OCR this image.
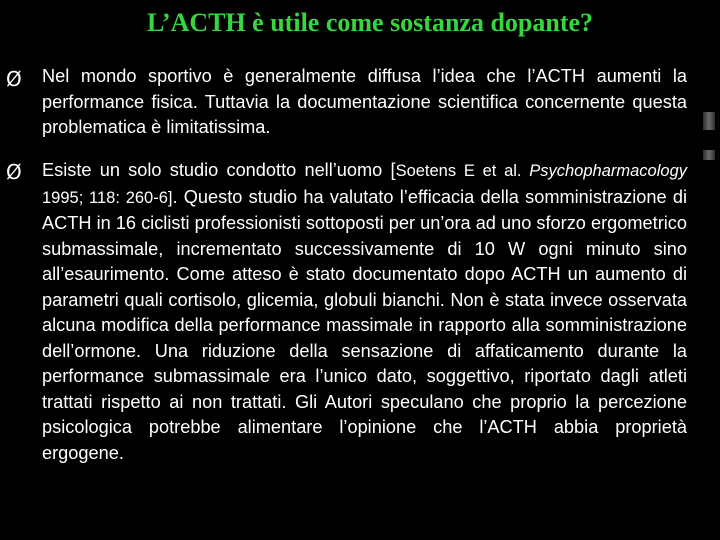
L’ACTH è utile come sostanza dopante?
Ø	Nel mondo sportivo è generalmente diffusa l’idea che l’ACTH aumenti la performance fisica. Tuttavia la documentazione scientifica concernente questa problematica è limitatissima.
Ø	Esiste un solo studio condotto nell’uomo [Soetens E et al. Psychopharmacology 1995; 118: 260-6]. Questo studio ha valutato l’efficacia della somministrazione di ACTH in 16 ciclisti professionisti sottoposti per un’ora ad uno sforzo ergometrico submassimale, incrementato successivamente di 10 W ogni minuto sino all’esaurimento. Come atteso è stato documentato dopo ACTH un aumento di parametri quali cortisolo, glicemia, globuli bianchi. Non è stata invece osservata alcuna modifica della performance massimale in rapporto alla somministrazione dell’ormone. Una riduzione della sensazione di affaticamento durante la performance submassimale era l’unico dato, soggettivo, riportato dagli atleti trattati rispetto ai non trattati. Gli Autori speculano che proprio la percezione psicologica potrebbe alimentare l’opinione che l’ACTH abbia proprietà ergogene.
